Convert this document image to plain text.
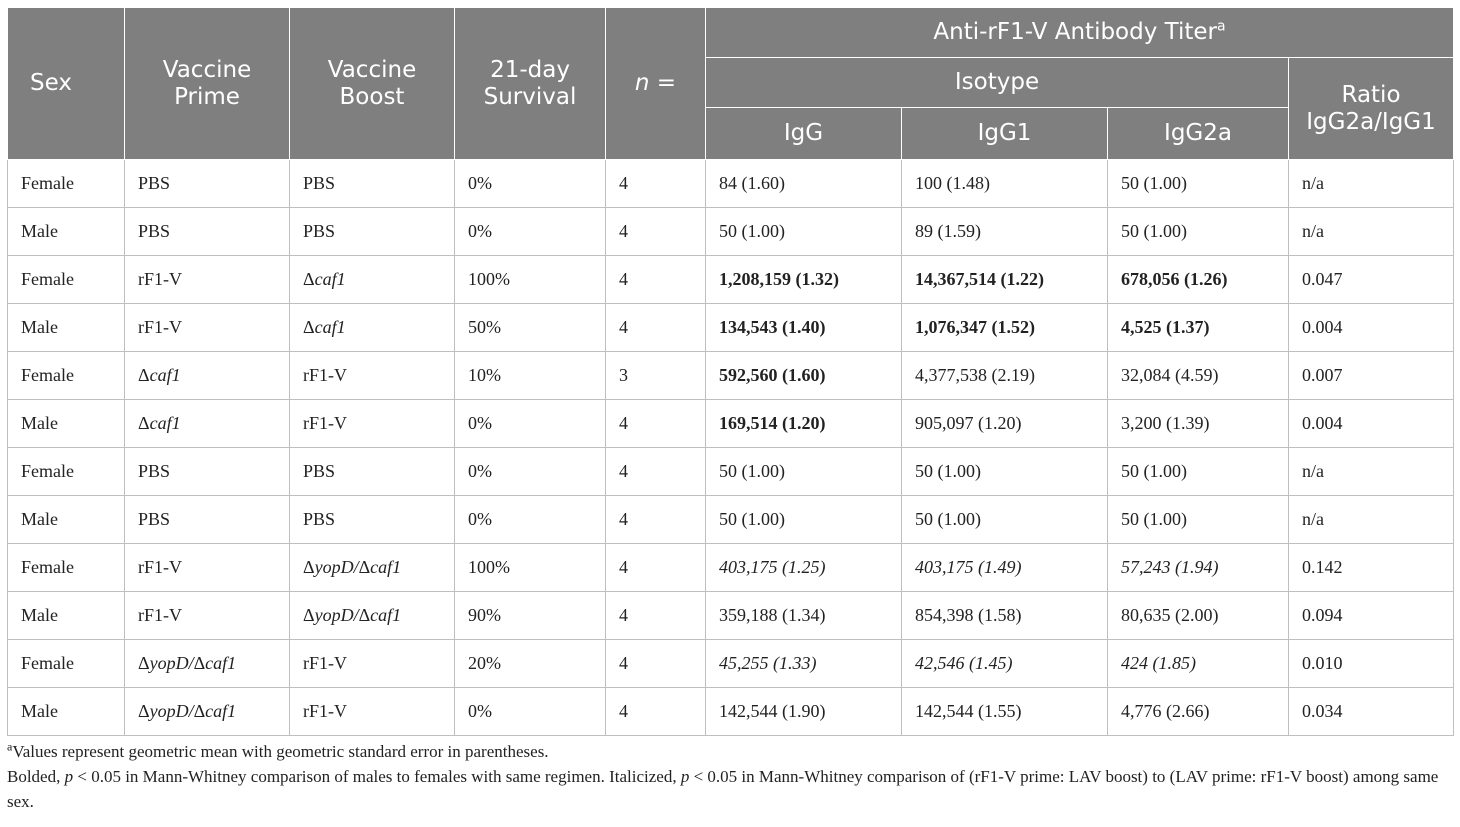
Sex	Vaccine Prime	Vaccine Boost	21-day Survival	n =	Anti-rF1-V Antibody Titer$^a$
					Isotype			Ratio IgG2a/IgG1
					IgG	IgG1	IgG2a	
Female	PBS	PBS	0%	4	84 (1.60)	100 (1.48)	50 (1.00)	n/a
Male	PBS	PBS	0%	4	50 (1.00)	89 (1.59)	50 (1.00)	n/a
Female	rF1-V	Δcaf1	100%	4	1,208,159 (1.32)	14,367,514 (1.22)	678,056 (1.26)	0.047
Male	rF1-V	Δcaf1	50%	4	134,543 (1.40)	1,076,347 (1.52)	4,525 (1.37)	0.004
Female	Δcaf1	rF1-V	10%	3	592,560 (1.60)	4,377,538 (2.19)	32,084 (4.59)	0.007
Male	Δcaf1	rF1-V	0%	4	169,514 (1.20)	905,097 (1.20)	3,200 (1.39)	0.004
Female	PBS	PBS	0%	4	50 (1.00)	50 (1.00)	50 (1.00)	n/a
Male	PBS	PBS	0%	4	50 (1.00)	50 (1.00)	50 (1.00)	n/a
Female	rF1-V	ΔyopD/Δcaf1	100%	4	403,175 (1.25)	403,175 (1.49)	57,243 (1.94)	0.142
Male	rF1-V	ΔyopD/Δcaf1	90%	4	359,188 (1.34)	854,398 (1.58)	80,635 (2.00)	0.094
Female	ΔyopD/Δcaf1	rF1-V	20%	4	45,255 (1.33)	42,546 (1.45)	424 (1.85)	0.010
Male	ΔyopD/Δcaf1	rF1-V	0%	4	142,544 (1.90)	142,544 (1.55)	4,776 (2.66)	0.034
$^a$Values represent geometric mean with geometric standard error in parentheses.
Bolded, p < 0.05 in Mann-Whitney comparison of males to females with same regimen. Italicized, p < 0.05 in Mann-Whitney comparison of (rF1-V prime: LAV boost) to (LAV prime: rF1-V boost) among same sex.
